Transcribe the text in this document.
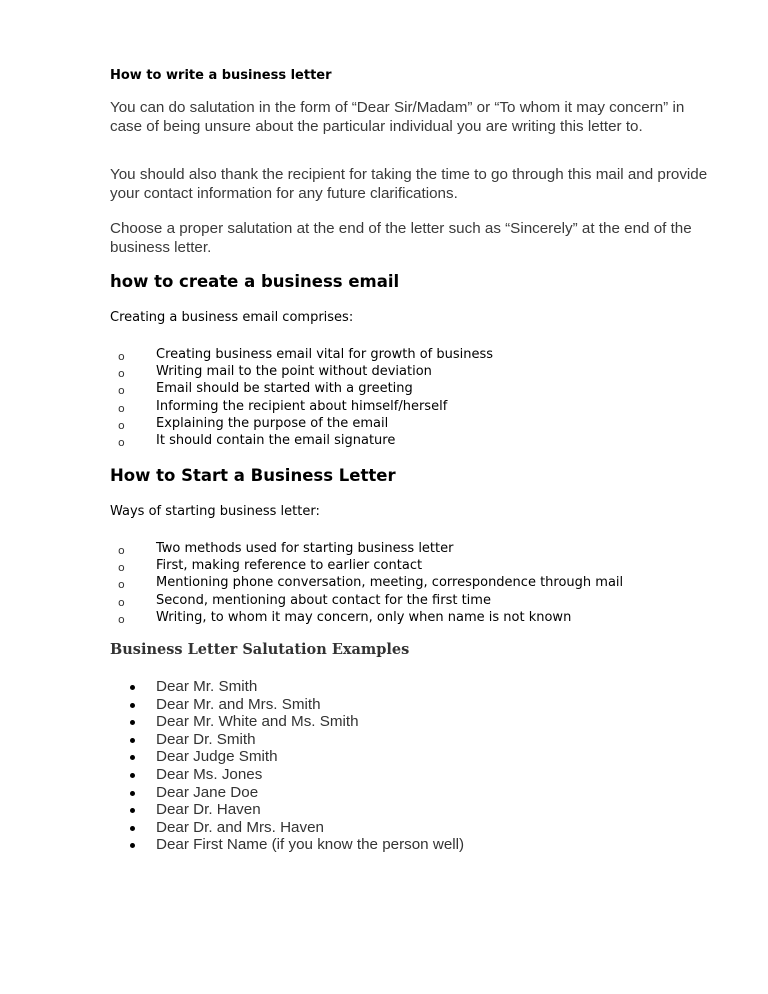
How to write a business letter

You can do salutation in the form of “Dear Sir/Madam” or “To whom it may concern” in case of being unsure about the particular individual you are writing this letter to.

You should also thank the recipient for taking the time to go through this mail and provide your contact information for any future clarifications.

Choose a proper salutation at the end of the letter such as “Sincerely” at the end of the business letter.

how to create a business email

Creating a business email comprises:

o Creating business email vital for growth of business
o Writing mail to the point without deviation
o Email should be started with a greeting
o Informing the recipient about himself/herself
o Explaining the purpose of the email
o It should contain the email signature
How to Start a Business Letter

Ways of starting business letter:

o Two methods used for starting business letter
o First, making reference to earlier contact
o Mentioning phone conversation, meeting, correspondence through mail
o Second, mentioning about contact for the first time
o Writing, to whom it may concern, only when name is not known
Business Letter Salutation Examples
Dear Mr. Smith
Dear Mr. and Mrs. Smith
Dear Mr. White and Ms. Smith
Dear Dr. Smith
Dear Judge Smith
Dear Ms. Jones
Dear Jane Doe
Dear Dr. Haven
Dear Dr. and Mrs. Haven
Dear First Name (if you know the person well)
